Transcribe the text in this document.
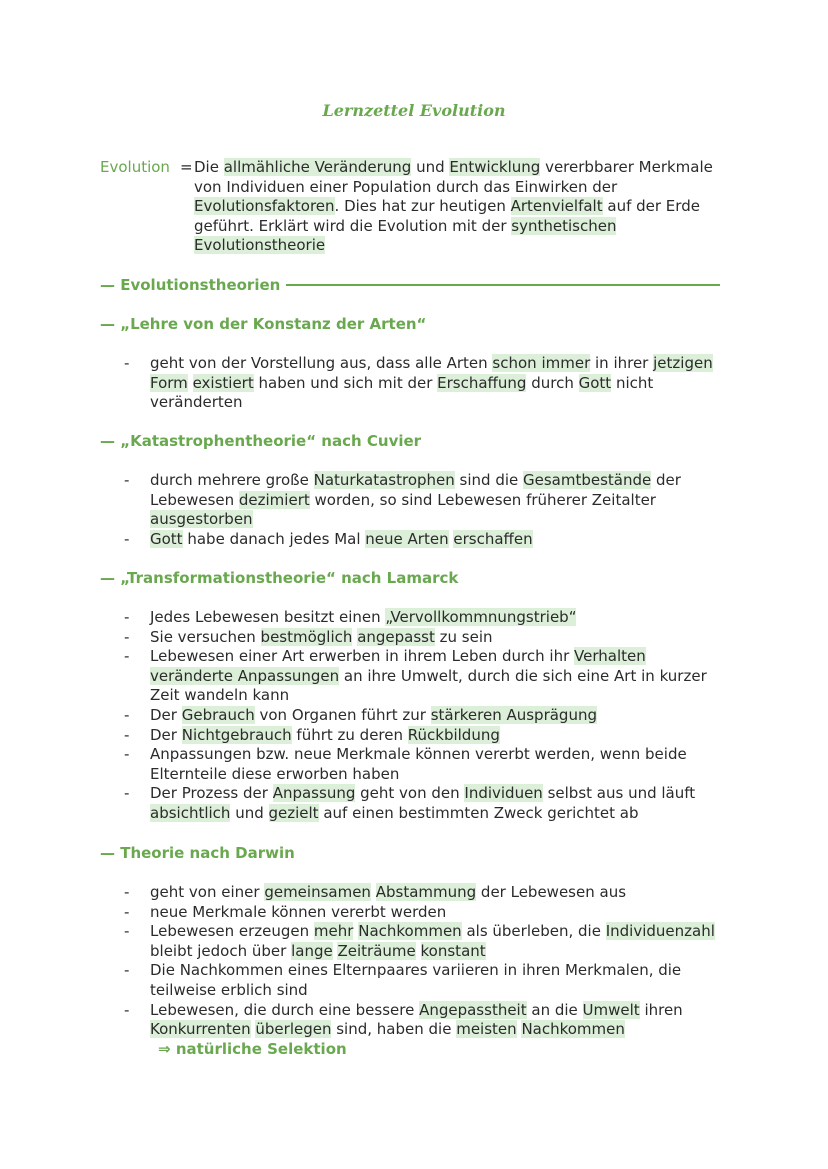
Lernzettel Evolution
Evolution = Die allmähliche Veränderung und Entwicklung vererbbarer Merkmale von Individuen einer Population durch das Einwirken der Evolutionsfaktoren. Dies hat zur heutigen Artenvielfalt auf der Erde geführt. Erklärt wird die Evolution mit der synthetischen Evolutionstheorie
— Evolutionstheorien
— „Lehre von der Konstanz der Arten“
- geht von der Vorstellung aus, dass alle Arten schon immer in ihrer jetzigen Form existiert haben und sich mit der Erschaffung durch Gott nicht veränderten
— „Katastrophentheorie“ nach Cuvier
- durch mehrere große Naturkatastrophen sind die Gesamtbestände der Lebewesen dezimiert worden, so sind Lebewesen früherer Zeitalter ausgestorben
- Gott habe danach jedes Mal neue Arten erschaffen
— „Transformationstheorie“ nach Lamarck
- Jedes Lebewesen besitzt einen „Vervollkommnungstrieb“
- Sie versuchen bestmöglich angepasst zu sein
- Lebewesen einer Art erwerben in ihrem Leben durch ihr Verhalten veränderte Anpassungen an ihre Umwelt, durch die sich eine Art in kurzer Zeit wandeln kann
- Der Gebrauch von Organen führt zur stärkeren Ausprägung
- Der Nichtgebrauch führt zu deren Rückbildung
- Anpassungen bzw. neue Merkmale können vererbt werden, wenn beide Elternteile diese erworben haben
- Der Prozess der Anpassung geht von den Individuen selbst aus und läuft absichtlich und gezielt auf einen bestimmten Zweck gerichtet ab
— Theorie nach Darwin
- geht von einer gemeinsamen Abstammung der Lebewesen aus
- neue Merkmale können vererbt werden
- Lebewesen erzeugen mehr Nachkommen als überleben, die Individuenzahl bleibt jedoch über lange Zeiträume konstant
- Die Nachkommen eines Elternpaares variieren in ihren Merkmalen, die teilweise erblich sind
- Lebewesen, die durch eine bessere Angepasstheit an die Umwelt ihren Konkurrenten überlegen sind, haben die meisten Nachkommen
⇒ natürliche Selektion
